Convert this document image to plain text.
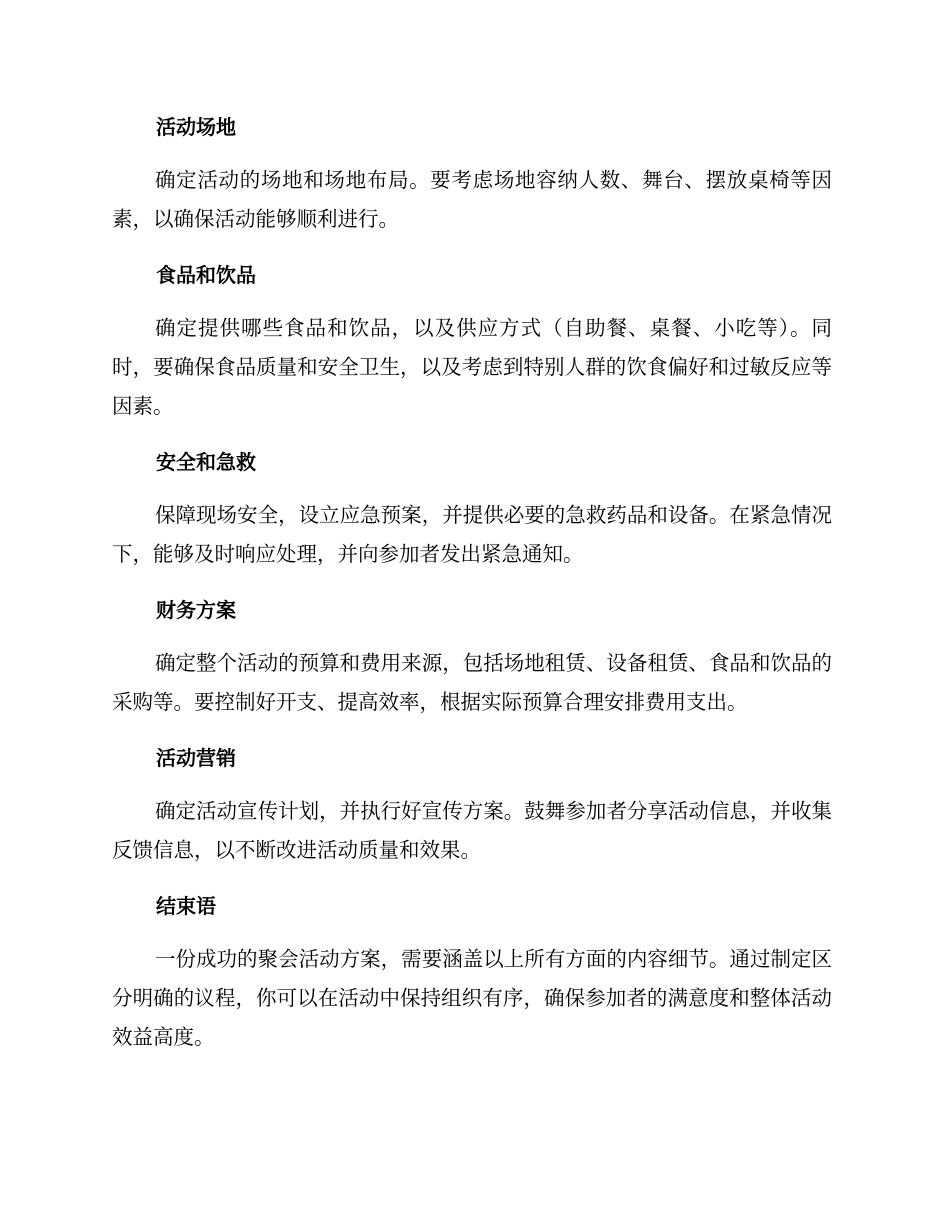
活动场地

确定活动的场地和场地布局。要考虑场地容纳人数、舞台、摆放桌椅等因素，以确保活动能够顺利进行。

食品和饮品

确定提供哪些食品和饮品，以及供应方式（自助餐、桌餐、小吃等）。同时，要确保食品质量和安全卫生，以及考虑到特别人群的饮食偏好和过敏反应等因素。

安全和急救

保障现场安全，设立应急预案，并提供必要的急救药品和设备。在紧急情况下，能够及时响应处理，并向参加者发出紧急通知。

财务方案

确定整个活动的预算和费用来源，包括场地租赁、设备租赁、食品和饮品的采购等。要控制好开支、提高效率，根据实际预算合理安排费用支出。

活动营销

确定活动宣传计划，并执行好宣传方案。鼓舞参加者分享活动信息，并收集反馈信息，以不断改进活动质量和效果。

结束语

一份成功的聚会活动方案，需要涵盖以上所有方面的内容细节。通过制定区分明确的议程，你可以在活动中保持组织有序，确保参加者的满意度和整体活动效益高度。
